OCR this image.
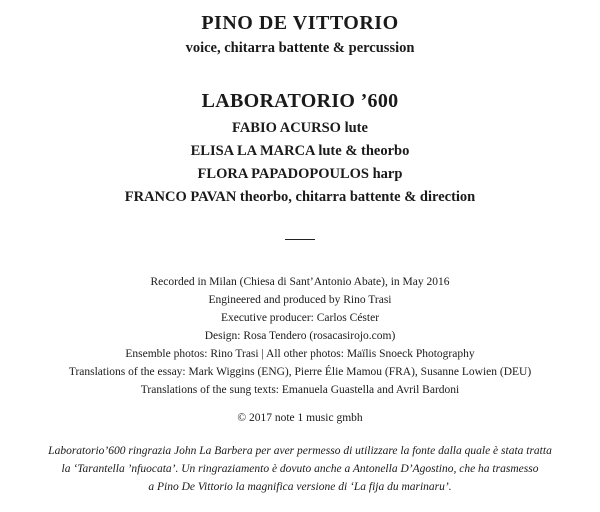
PINO DE VITTORIO
voice, chitarra battente & percussion
LABORATORIO ’600
FABIO ACURSO lute
ELISA LA MARCA lute & theorbo
FLORA PAPADOPOULOS harp
FRANCO PAVAN theorbo, chitarra battente & direction
Recorded in Milan (Chiesa di Sant’Antonio Abate), in May 2016
Engineered and produced by Rino Trasi
Executive producer: Carlos Céster
Design: Rosa Tendero (rosacasirojo.com)
Ensemble photos: Rino Trasi | All other photos: Maïlis Snoeck Photography
Translations of the essay: Mark Wiggins (ENG), Pierre Élie Mamou (FRA), Susanne Lowien (DEU)
Translations of the sung texts: Emanuela Guastella and Avril Bardoni
© 2017 note 1 music gmbh
Laboratorio’600 ringrazia John La Barbera per aver permesso di utilizzare la fonte dalla quale è stata tratta
la ‘Tarantella ’nfuocata’. Un ringraziamento è dovuto anche a Antonella D’Agostino, che ha trasmesso
a Pino De Vittorio la magnifica versione di ‘La fija du marinaru’.
